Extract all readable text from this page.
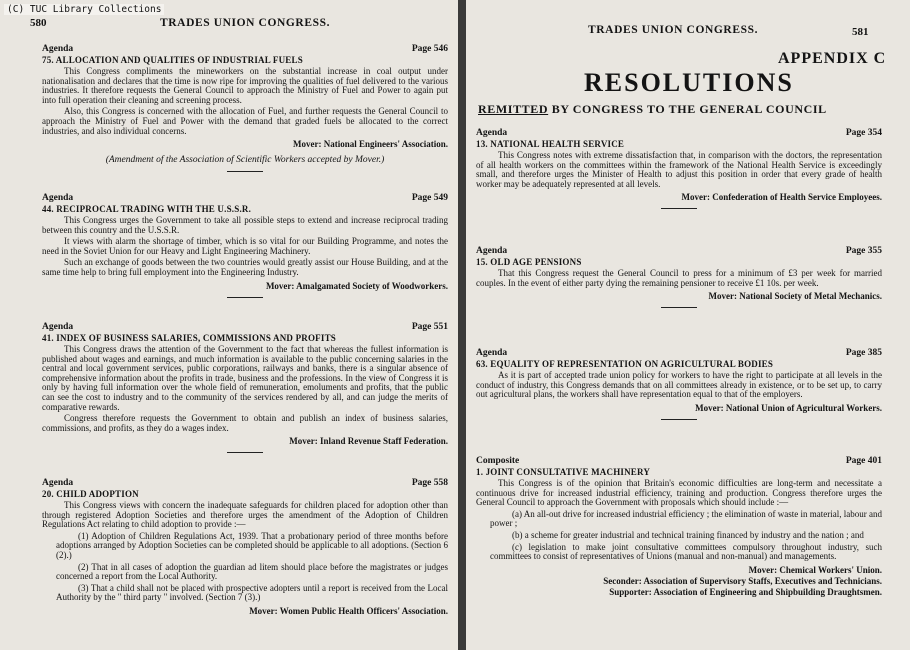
(C) TUC Library Collections
580	TRADES UNION CONGRESS.
Agenda	Page 546
75. ALLOCATION AND QUALITIES OF INDUSTRIAL FUELS
This Congress compliments the mineworkers on the substantial increase in coal output under nationalisation and declares that the time is now ripe for improving the qualities of fuel delivered to the various industries. It therefore requests the General Council to approach the Ministry of Fuel and Power to again put into full operation their cleaning and screening process.
Also, this Congress is concerned with the allocation of Fuel, and further requests the General Council to approach the Ministry of Fuel and Power with the demand that graded fuels be allocated to the correct industries, and also individual concerns.
Mover: National Engineers' Association.
(Amendment of the Association of Scientific Workers accepted by Mover.)
Agenda	Page 549
44. RECIPROCAL TRADING WITH THE U.S.S.R.
This Congress urges the Government to take all possible steps to extend and increase reciprocal trading between this country and the U.S.S.R.
It views with alarm the shortage of timber, which is so vital for our Building Programme, and notes the need in the Soviet Union for our Heavy and Light Engineering Machinery.
Such an exchange of goods between the two countries would greatly assist our House Building, and at the same time help to bring full employment into the Engineering Industry.
Mover: Amalgamated Society of Woodworkers.
Agenda	Page 551
41. INDEX OF BUSINESS SALARIES, COMMISSIONS AND PROFITS
This Congress draws the attention of the Government to the fact that whereas the fullest information is published about wages and earnings, and much information is available to the public concerning salaries in the central and local government services, public corporations, railways and banks, there is a singular absence of comprehensive information about the profits in trade, business and the professions. In the view of Congress it is only by having full information over the whole field of remuneration, emoluments and profits, that the public can see the cost to industry and to the community of the services rendered by all, and can judge the merits of comparative rewards.
Congress therefore requests the Government to obtain and publish an index of business salaries, commissions, and profits, as they do a wages index.
Mover: Inland Revenue Staff Federation.
Agenda	Page 558
20. CHILD ADOPTION
This Congress views with concern the inadequate safeguards for children placed for adoption other than through registered Adoption Societies and therefore urges the amendment of the Adoption of Children Regulations Act relating to child adoption to provide :—
(1) Adoption of Children Regulations Act, 1939. That a probationary period of three months before adoptions arranged by Adoption Societies can be completed should be applicable to all adoptions. (Section 6 (2).)
(2) That in all cases of adoption the guardian ad litem should place before the magistrates or judges concerned a report from the Local Authority.
(3) That a child shall not be placed with prospective adopters until a report is received from the Local Authority by the " third party " involved. (Section 7 (3).)
Mover: Women Public Health Officers' Association.
TRADES UNION CONGRESS.	581
APPENDIX C
RESOLUTIONS
REMITTED BY CONGRESS TO THE GENERAL COUNCIL
Agenda	Page 354
13. NATIONAL HEALTH SERVICE
This Congress notes with extreme dissatisfaction that, in comparison with the doctors, the representation of all health workers on the committees within the framework of the National Health Service is exceedingly small, and therefore urges the Minister of Health to adjust this position in order that every grade of health worker may be adequately represented at all levels.
Mover: Confederation of Health Service Employees.
Agenda	Page 355
15. OLD AGE PENSIONS
That this Congress request the General Council to press for a minimum of £3 per week for married couples. In the event of either party dying the remaining pensioner to receive £1 10s. per week.
Mover: National Society of Metal Mechanics.
Agenda	Page 385
63. EQUALITY OF REPRESENTATION ON AGRICULTURAL BODIES
As it is part of accepted trade union policy for workers to have the right to participate at all levels in the conduct of industry, this Congress demands that on all committees already in existence, or to be set up, to carry out agricultural plans, the workers shall have representation equal to that of the employers.
Mover: National Union of Agricultural Workers.
Composite	Page 401
1. JOINT CONSULTATIVE MACHINERY
This Congress is of the opinion that Britain's economic difficulties are long-term and necessitate a continuous drive for increased industrial efficiency, training and production. Congress therefore urges the General Council to approach the Government with proposals which should include :—
(a) An all-out drive for increased industrial efficiency ; the elimination of waste in material, labour and power ;
(b) a scheme for greater industrial and technical training financed by industry and the nation ; and
(c) legislation to make joint consultative committees compulsory throughout industry, such committees to consist of representatives of Unions (manual and non-manual) and managements.
Mover: Chemical Workers' Union.
Seconder: Association of Supervisory Staffs, Executives and Technicians.
Supporter: Association of Engineering and Shipbuilding Draughtsmen.
